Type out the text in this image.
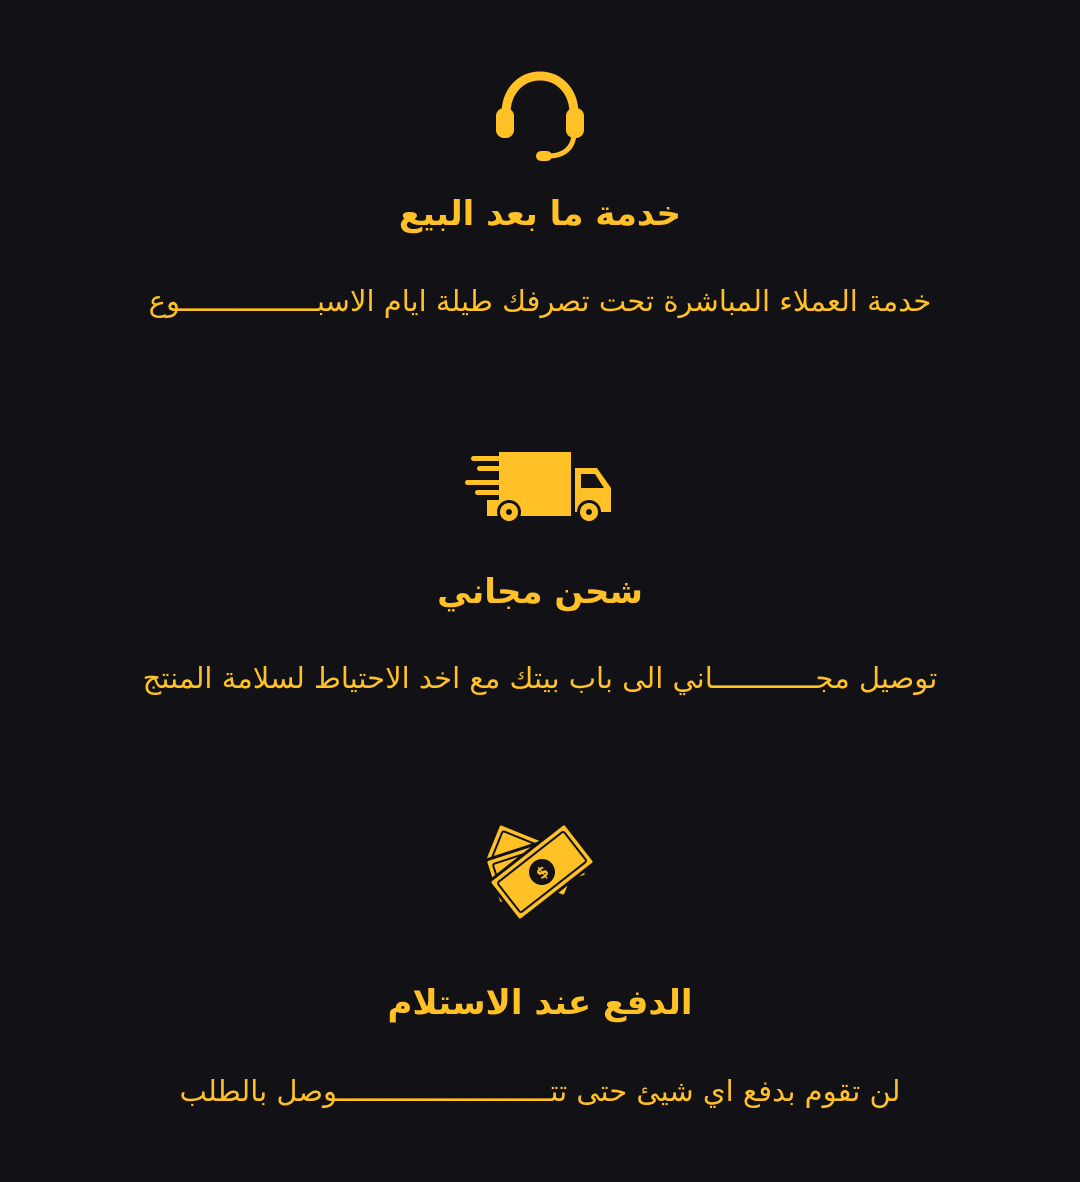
خدمة ما بعد البيع
خدمة العملاء المباشرة تحت تصرفك طيلة ايام الاسبــــــــــــــــوع
شحن مجاني
توصيل مجــــــــــــاني الى باب بيتك مع اخد الاحتياط لسلامة المنتج
$
الدفع عند الاستلام
لن تقوم بدفع اي شيئ حتى تتـــــــــــــــــــــــــوصل بالطلب
